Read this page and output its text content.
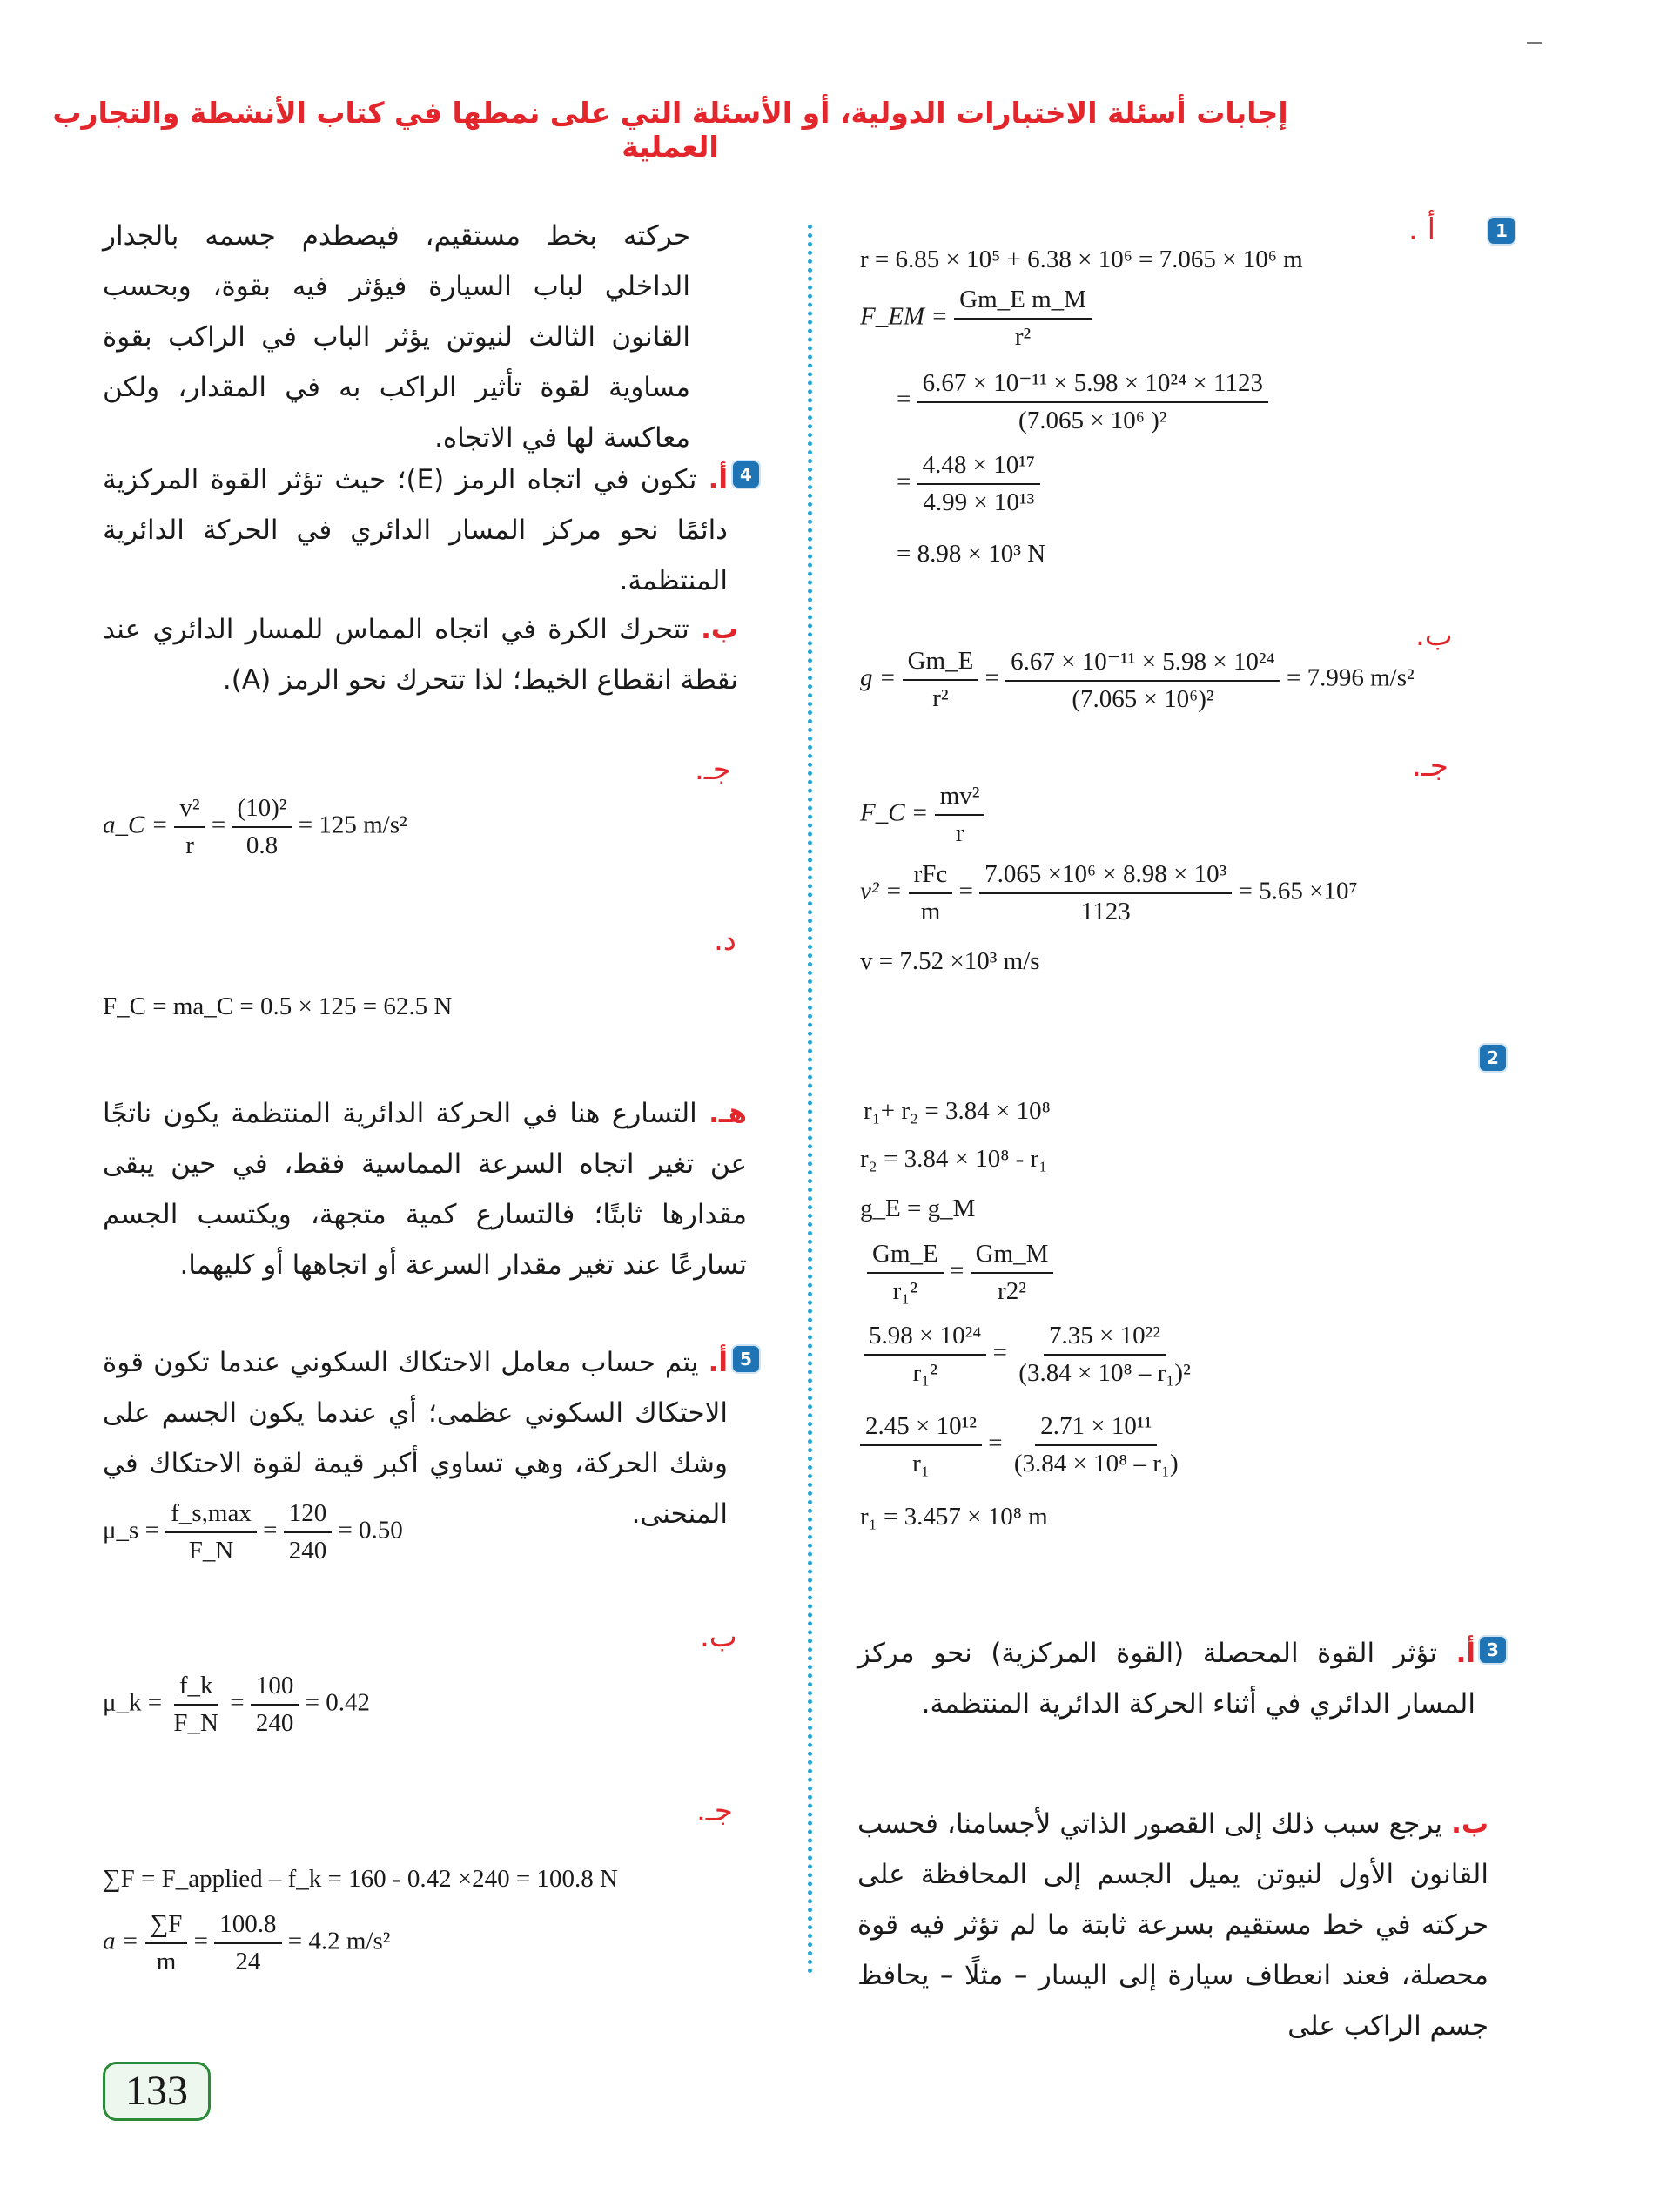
إجابات أسئلة الاختبارات الدولية، أو الأسئلة التي على نمطها في كتاب الأنشطة والتجارب العملية
1
أ .
r = 6.85 × 10⁵ + 6.38 × 10⁶ = 7.065 × 10⁶ m
F_EM = $\frac{\text{Gm\_E m\_M}}{\text{r²}}$
= $\frac{\text{6.67 × 10⁻¹¹ × 5.98 × 10²⁴ × 1123}}{\text{(7.065 × 10⁶ )²}}$
= $\frac{\text{4.48 × 10¹⁷}}{\text{4.99 × 10¹³}}$
= 8.98 × 10³ N
ب.
$g = \frac{Gm\_E}{\text{r²}} = \frac{\text{6.67 × 10⁻¹¹ × 5.98 × 10²⁴}}{\text{(7.065 × 10⁶)²}} = 7.996$ m/s²
جـ.
F_C = $\frac{\text{mv²}}{r}$
$v^2 = \frac{\text{rFc}}{m} = \frac{\text{7.065 ×10⁶ × 8.98 × 10³}}{1123} = 5.65 \times 10^7$
v = 7.52 ×10³ m/s
2
r₁+ r₂ = 3.84 × 10⁸
r₂ = 3.84 × 10⁸ - r₁
g_E = g_M
$\frac{Gm\_E}{\text{r₁²}} = \frac{Gm\_M}{\text{r2²}}$
$\frac{\text{5.98 × 10²⁴}}{\text{r₁²}} = \frac{\text{7.35 × 10²²}}{\text{(3.84 × 10⁸ – r₁)²}}$
$\frac{\text{2.45 × 10¹²}}{\text{r₁}} = \frac{\text{2.71 × 10¹¹}}{\text{(3.84 × 10⁸ – r₁)}}$
r₁ = 3.457 × 10⁸ m
3
أ. تؤثر القوة المحصلة (القوة المركزية) نحو مركز المسار الدائري في أثناء الحركة الدائرية المنتظمة.
ب. يرجع سبب ذلك إلى القصور الذاتي لأجسامنا، فحسب القانون الأول لنيوتن يميل الجسم إلى المحافظة على حركته في خط مستقيم بسرعة ثابتة ما لم تؤثر فيه قوة محصلة، فعند انعطاف سيارة إلى اليسار – مثلًا – يحافظ جسم الراكب على
حركته بخط مستقيم، فيصطدم جسمه بالجدار الداخلي لباب السيارة فيؤثر فيه بقوة، وبحسب القانون الثالث لنيوتن يؤثر الباب في الراكب بقوة مساوية لقوة تأثير الراكب به في المقدار، ولكن معاكسة لها في الاتجاه.
4
أ. تكون في اتجاه الرمز (E)؛ حيث تؤثر القوة المركزية دائمًا نحو مركز المسار الدائري في الحركة الدائرية المنتظمة.
ب. تتحرك الكرة في اتجاه المماس للمسار الدائري عند نقطة انقطاع الخيط؛ لذا تتحرك نحو الرمز (A).
جـ.
a_C = $\frac{\text{v²}}{r} = \frac{\text{(10)²}}{0.8} = 125$ m/s²
د.
F_C = ma_C = 0.5 × 125 = 62.5 N
هـ. التسارع هنا في الحركة الدائرية المنتظمة يكون ناتجًا عن تغير اتجاه السرعة المماسية فقط، في حين يبقى مقدارها ثابتًا؛ فالتسارع كمية متجهة، ويكتسب الجسم تسارعًا عند تغير مقدار السرعة أو اتجاهها أو كليهما.
5
أ. يتم حساب معامل الاحتكاك السكوني عندما تكون قوة الاحتكاك السكوني عظمى؛ أي عندما يكون الجسم على وشك الحركة، وهي تساوي أكبر قيمة لقوة الاحتكاك في المنحنى.
μ_s = $\frac{f\_s,\max}{F\_N} = \frac{120}{240} = 0.50$
ب.
μ_k = $\frac{f\_k}{F\_N} = \frac{100}{240} = 0.42$
جـ.
∑F = F_applied – f_k = 160 - 0.42 ×240 = 100.8 N
$a = \frac{\sum F}{m} = \frac{100.8}{24} = 4.2$ m/s²
133
